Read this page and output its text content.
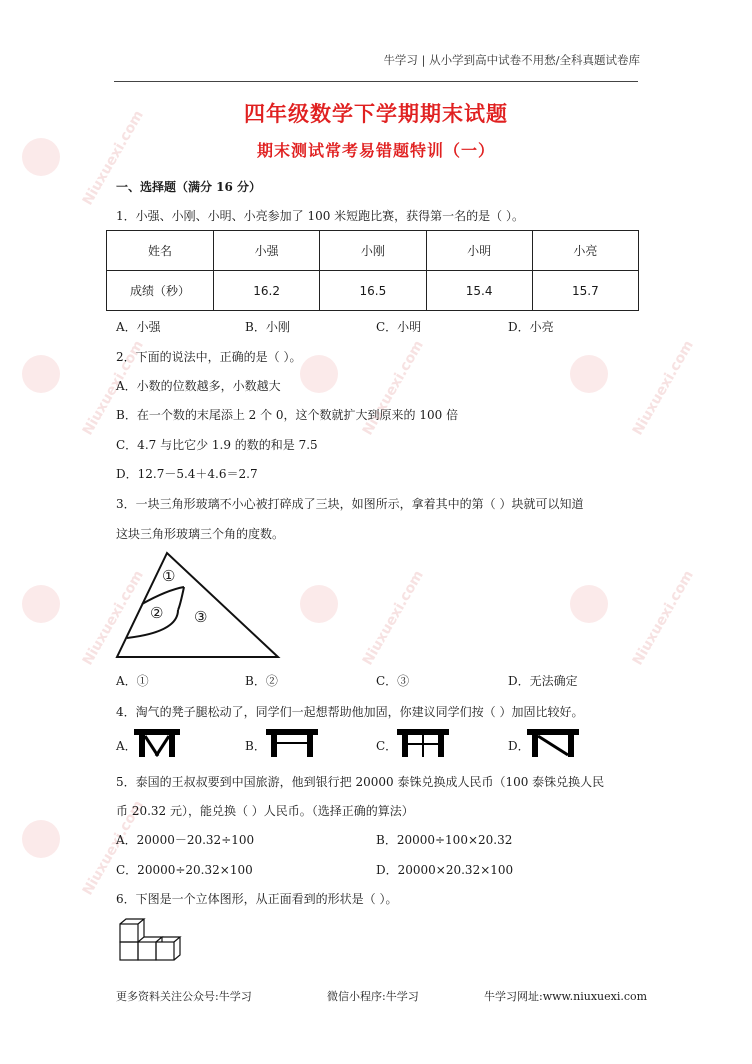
Niuxuexi.com
Niuxuexi.com
Niuxuexi.com
Niuxuexi.com
Niuxuexi.com
Niuxuexi.com
Niuxuexi.com
Niuxuexi.com
牛学习 | 从小学到高中试卷不用愁/全科真题试卷库
四年级数学下学期期末试题
期末测试常考易错题特训（一）
一、选择题（满分 16 分）
1．小强、小刚、小明、小亮参加了 100 米短跑比赛，获得第一名的是（ ）。
姓名	小强	小刚	小明	小亮
成绩（秒）	16.2	16.5	15.4	15.7
A．小强	B．小刚	C．小明	D．小亮
2．下面的说法中，正确的是（ ）。
A．小数的位数越多，小数越大
B．在一个数的末尾添上 2 个 0，这个数就扩大到原来的 100 倍
C．4.7 与比它少 1.9 的数的和是 7.5
D．12.7－5.4＋4.6＝2.7
3．一块三角形玻璃不小心被打碎成了三块，如图所示，拿着其中的第（ ）块就可以知道
这块三角形玻璃三个角的度数。
①
② ③
A．①	B．②	C．③	D．无法确定
4．淘气的凳子腿松动了，同学们一起想帮助他加固，你建议同学们按（ ）加固比较好。
A．	B．	C．	D．
5．泰国的王叔叔要到中国旅游，他到银行把 20000 泰铢兑换成人民币（100 泰铢兑换人民
币 20.32 元），能兑换（ ）人民币。（选择正确的算法）
A．20000－20.32÷100	B．20000÷100×20.32
C．20000÷20.32×100	D．20000×20.32×100
6．下图是一个立体图形，从正面看到的形状是（ ）。
更多资料关注公众号:牛学习	微信小程序:牛学习	牛学习网址:www.niuxuexi.com
